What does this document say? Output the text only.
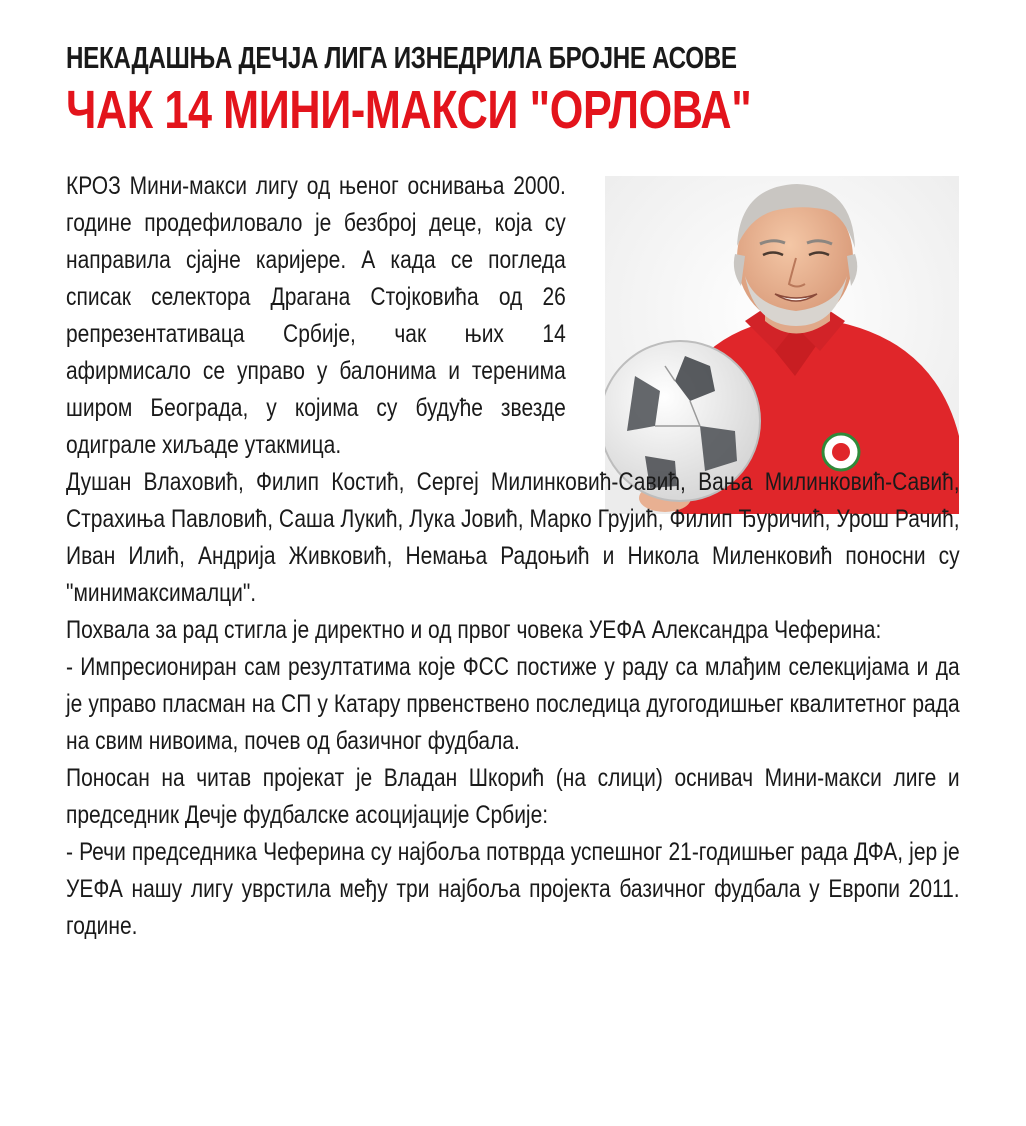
НЕКАДАШЊА ДЕЧЈА ЛИГА ИЗНЕДРИЛА БРОЈНЕ АСОВЕ
ЧАК 14 МИНИ-МАКСИ "ОРЛОВА"
КРОЗ Мини-макси лигу од њеног оснивања 2000. године продефиловало је безброј деце, која су направила сјајне каријере. А када се погледа списак селектора Драгана Стојковића од 26 репрезентативаца Србије, чак њих 14 афирмисало се управо у балонима и теренима широм Београда, у којима су будуће звезде одиграле хиљаде утакмица.

Душан Влаховић, Филип Костић, Сергеј Милинковић-Савић, Вања Милинковић-Савић, Страхиња Павловић, Саша Лукић, Лука Јовић, Марко Грујић, Филип Ђуричић, Урош Рачић, Иван Илић, Андрија Живковић, Немања Радоњић и Никола Миленковић поносни су "минимаксималци".

Похвала за рад стигла је директно и од првог човека УЕФА Александра Чеферина:

- Импресиониран сам резултатима које ФСС постиже у раду са млађим селекцијама и да је управо пласман на СП у Катару првенствено последица дугогодишњег квалитетног рада на свим нивоима, почев од базичног фудбала.

Поносан на читав пројекат је Владан Шкорић (на слици) оснивач Мини-макси лиге и председник Дечје фудбалске асоцијације Србије:

- Речи председника Чеферина су најбоља потврда успешног 21-годишњег рада ДФА, јер је УЕФА нашу лигу уврстила међу три најбоља пројекта базичног фудбала у Европи 2011. године.
